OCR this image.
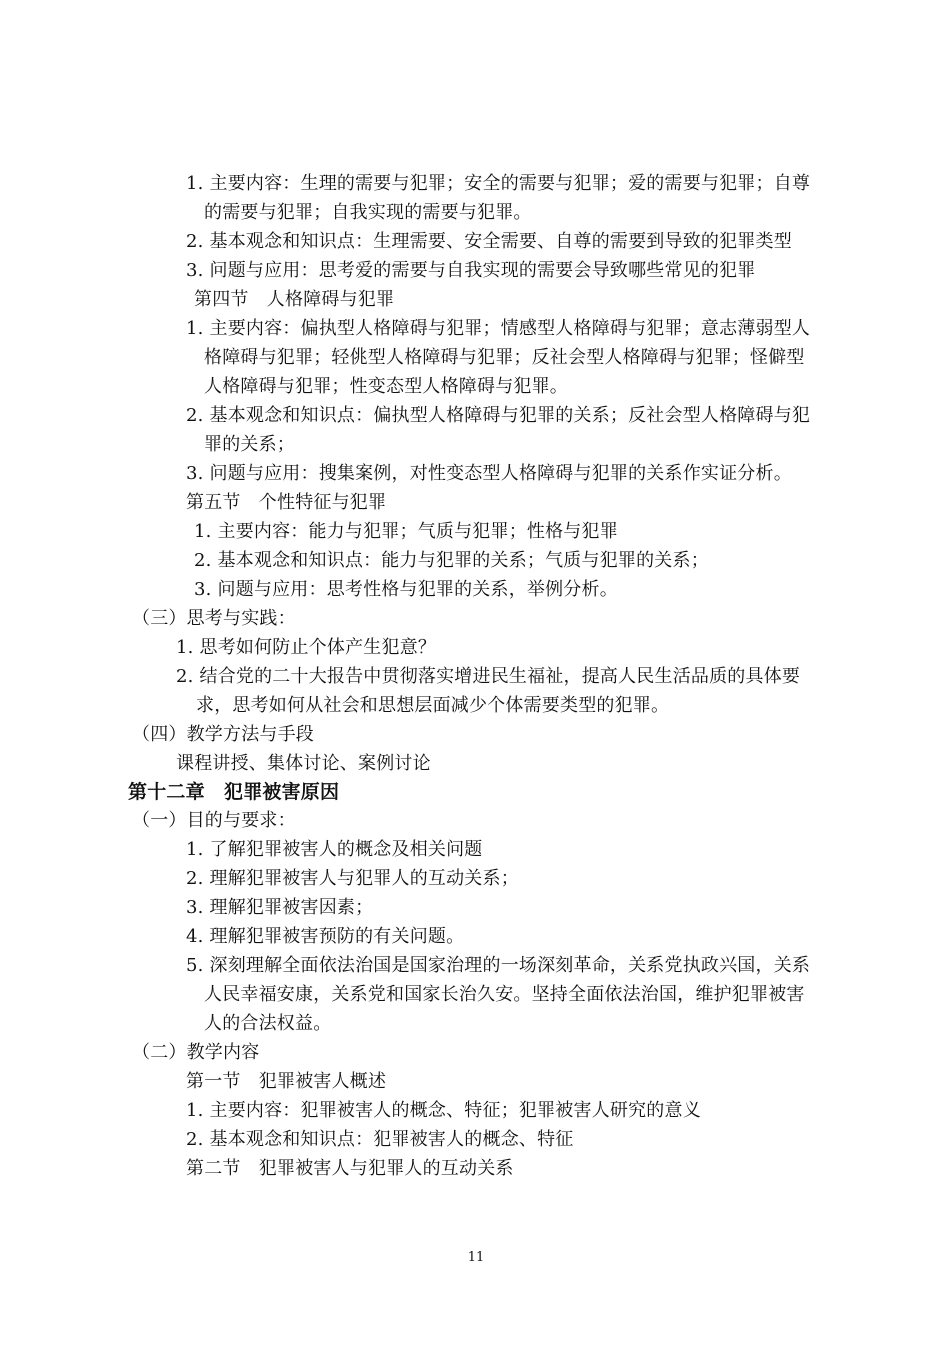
1. 主要内容：生理的需要与犯罪；安全的需要与犯罪；爱的需要与犯罪；自尊
的需要与犯罪；自我实现的需要与犯罪。
2. 基本观念和知识点：生理需要、安全需要、自尊的需要到导致的犯罪类型
3. 问题与应用：思考爱的需要与自我实现的需要会导致哪些常见的犯罪
第四节　人格障碍与犯罪
1. 主要内容：偏执型人格障碍与犯罪；情感型人格障碍与犯罪；意志薄弱型人
格障碍与犯罪；轻佻型人格障碍与犯罪；反社会型人格障碍与犯罪；怪僻型
人格障碍与犯罪；性变态型人格障碍与犯罪。
2. 基本观念和知识点：偏执型人格障碍与犯罪的关系；反社会型人格障碍与犯
罪的关系；
3. 问题与应用：搜集案例，对性变态型人格障碍与犯罪的关系作实证分析。
第五节　个性特征与犯罪
1. 主要内容：能力与犯罪；气质与犯罪；性格与犯罪
2. 基本观念和知识点：能力与犯罪的关系；气质与犯罪的关系；
3. 问题与应用：思考性格与犯罪的关系，举例分析。
（三）思考与实践：
1. 思考如何防止个体产生犯意？
2. 结合党的二十大报告中贯彻落实增进民生福祉，提高人民生活品质的具体要
求，思考如何从社会和思想层面减少个体需要类型的犯罪。
（四）教学方法与手段
课程讲授、集体讨论、案例讨论
第十二章　犯罪被害原因
（一）目的与要求：
1. 了解犯罪被害人的概念及相关问题
2. 理解犯罪被害人与犯罪人的互动关系；
3. 理解犯罪被害因素；
4. 理解犯罪被害预防的有关问题。
5. 深刻理解全面依法治国是国家治理的一场深刻革命，关系党执政兴国，关系
人民幸福安康，关系党和国家长治久安。坚持全面依法治国，维护犯罪被害
人的合法权益。
（二）教学内容
第一节　犯罪被害人概述
1. 主要内容：犯罪被害人的概念、特征；犯罪被害人研究的意义
2. 基本观念和知识点：犯罪被害人的概念、特征
第二节　犯罪被害人与犯罪人的互动关系
11
